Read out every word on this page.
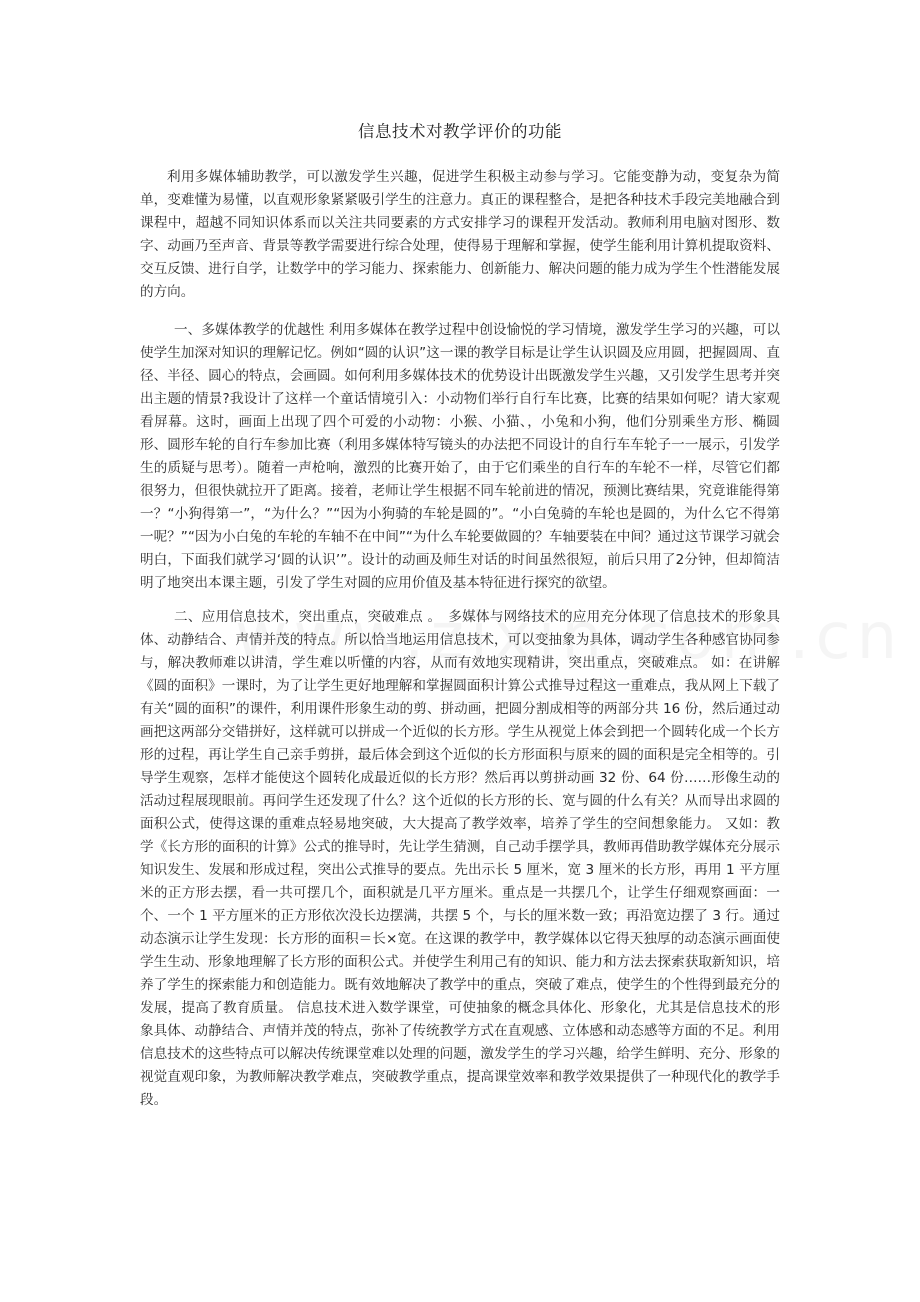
信息技术对教学评价的功能

利用多媒体辅助教学，可以激发学生兴趣，促进学生积极主动参与学习。它能变静为动，变复杂为简单，变难懂为易懂，以直观形象紧紧吸引学生的注意力。真正的课程整合，是把各种技术手段完美地融合到课程中，超越不同知识体系而以关注共同要素的方式安排学习的课程开发活动。教师利用电脑对图形、数字、动画乃至声音、背景等教学需要进行综合处理，使得易于理解和掌握，使学生能利用计算机提取资料、交互反馈、进行自学，让数学中的学习能力、探索能力、创新能力、解决问题的能力成为学生个性潜能发展的方向。

一、多媒体教学的优越性 利用多媒体在教学过程中创设愉悦的学习情境，激发学生学习的兴趣，可以使学生加深对知识的理解记忆。例如“圆的认识”这一课的教学目标是让学生认识圆及应用圆，把握圆周、直径、半径、圆心的特点，会画圆。如何利用多媒体技术的优势设计出既激发学生兴趣，又引发学生思考并突出主题的情景?我设计了这样一个童话情境引入：小动物们举行自行车比赛，比赛的结果如何呢？请大家观看屏幕。这时，画面上出现了四个可爱的小动物：小猴、小猫、，小兔和小狗，他们分别乘坐方形、椭圆形、圆形车轮的自行车参加比赛（利用多媒体特写镜头的办法把不同设计的自行车车轮子一一展示，引发学生的质疑与思考）。随着一声枪响，激烈的比赛开始了，由于它们乘坐的自行车的车轮不一样，尽管它们都很努力，但很快就拉开了距离。接着，老师让学生根据不同车轮前进的情况，预测比赛结果，究竟谁能得第一？“小狗得第一”，“为什么？”“因为小狗骑的车轮是圆的”。“小白兔骑的车轮也是圆的，为什么它不得第一呢？”“因为小白兔的车轮的车轴不在中间”“为什么车轮要做圆的？车轴要装在中间？通过这节课学习就会明白，下面我们就学习‘圆的认识’”。设计的动画及师生对话的时间虽然很短，前后只用了2分钟，但却简洁明了地突出本课主题，引发了学生对圆的应用价值及基本特征进行探究的欲望。

二、应用信息技术，突出重点，突破难点 。　多媒体与网络技术的应用充分体现了信息技术的形象具体、动静结合、声情并茂的特点。所以恰当地运用信息技术，可以变抽象为具体，调动学生各种感官协同参与，解决教师难以讲清，学生难以听懂的内容，从而有效地实现精讲，突出重点，突破难点。 如：在讲解《圆的面积》一课时，为了让学生更好地理解和掌握圆面积计算公式推导过程这一重难点，我从网上下载了有关“圆的面积”的课件，利用课件形象生动的剪、拼动画，把圆分割成相等的两部分共 16 份，然后通过动画把这两部分交错拼好，这样就可以拼成一个近似的长方形。学生从视觉上体会到把一个圆转化成一个长方形的过程，再让学生自己亲手剪拼，最后体会到这个近似的长方形面积与原来的圆的面积是完全相等的。引导学生观察，怎样才能使这个圆转化成最近似的长方形？然后再以剪拼动画 32 份、64 份……形像生动的活动过程展现眼前。再问学生还发现了什么？这个近似的长方形的长、宽与圆的什么有关？从而导出求圆的面积公式，使得这课的重难点轻易地突破，大大提高了教学效率，培养了学生的空间想象能力。 又如：教学《长方形的面积的计算》公式的推导时，先让学生猜测，自己动手摆学具，教师再借助教学媒体充分展示知识发生、发展和形成过程，突出公式推导的要点。先出示长 5 厘米，宽 3 厘米的长方形，再用 1 平方厘米的正方形去摆，看一共可摆几个，面积就是几平方厘米。重点是一共摆几个，让学生仔细观察画面：一个、一个 1 平方厘米的正方形依次没长边摆满，共摆 5 个，与长的厘米数一致；再沿宽边摆了 3 行。通过动态演示让学生发现：长方形的面积＝长×宽。在这课的教学中，教学媒体以它得天独厚的动态演示画面使学生生动、形象地理解了长方形的面积公式。并使学生利用己有的知识、能力和方法去探索获取新知识，培养了学生的探索能力和创造能力。既有效地解决了教学中的重点，突破了难点，使学生的个性得到最充分的发展，提高了教育质量。 信息技术进入数学课堂，可使抽象的概念具体化、形象化，尤其是信息技术的形象具体、动静结合、声情并茂的特点，弥补了传统教学方式在直观感、立体感和动态感等方面的不足。利用信息技术的这些特点可以解决传统课堂难以处理的问题，激发学生的学习兴趣，给学生鲜明、充分、形象的视觉直观印象，为教师解决教学难点，突破教学重点，提高课堂效率和教学效果提供了一种现代化的教学手段。
